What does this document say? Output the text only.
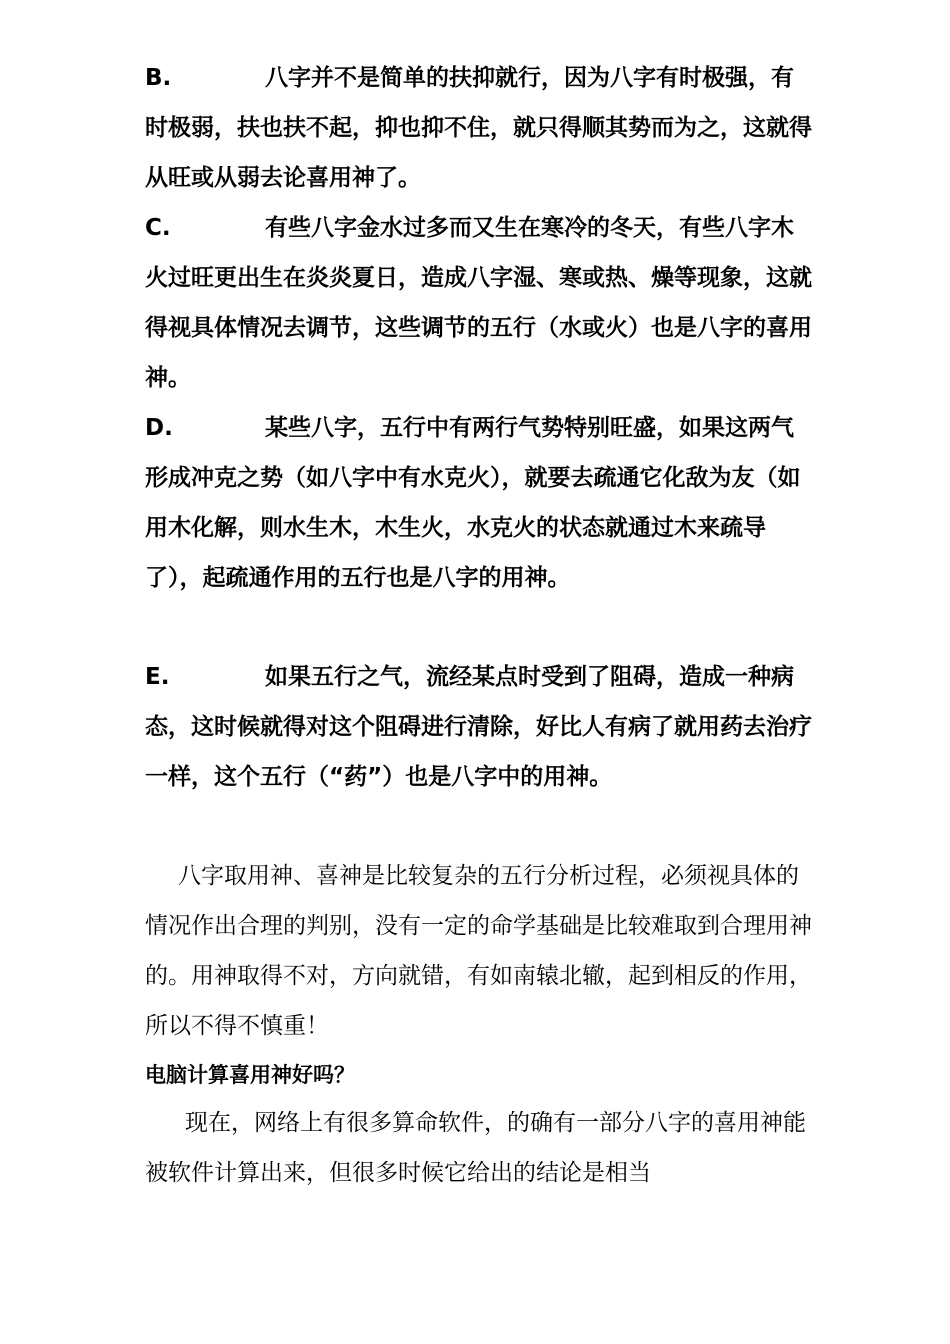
B.	八字并不是简单的扶抑就行，因为八字有时极强，有时极弱，扶也扶不起，抑也抑不住，就只得顺其势而为之，这就得从旺或从弱去论喜用神了。

C.	有些八字金水过多而又生在寒冷的冬天，有些八字木火过旺更出生在炎炎夏日，造成八字湿、寒或热、燥等现象，这就得视具体情况去调节，这些调节的五行（水或火）也是八字的喜用神。

D.	某些八字，五行中有两行气势特别旺盛，如果这两气形成冲克之势（如八字中有水克火），就要去疏通它化敌为友（如用木化解，则水生木，木生火，水克火的状态就通过木来疏导了），起疏通作用的五行也是八字的用神。

E.	如果五行之气，流经某点时受到了阻碍，造成一种病态，这时候就得对这个阻碍进行清除，好比人有病了就用药去治疗一样，这个五行（“药”）也是八字中的用神。

八字取用神、喜神是比较复杂的五行分析过程，必须视具体的情况作出合理的判别，没有一定的命学基础是比较难取到合理用神的。用神取得不对，方向就错，有如南辕北辙，起到相反的作用，所以不得不慎重！

电脑计算喜用神好吗？

现在，网络上有很多算命软件，的确有一部分八字的喜用神能被软件计算出来，但很多时候它给出的结论是相当
